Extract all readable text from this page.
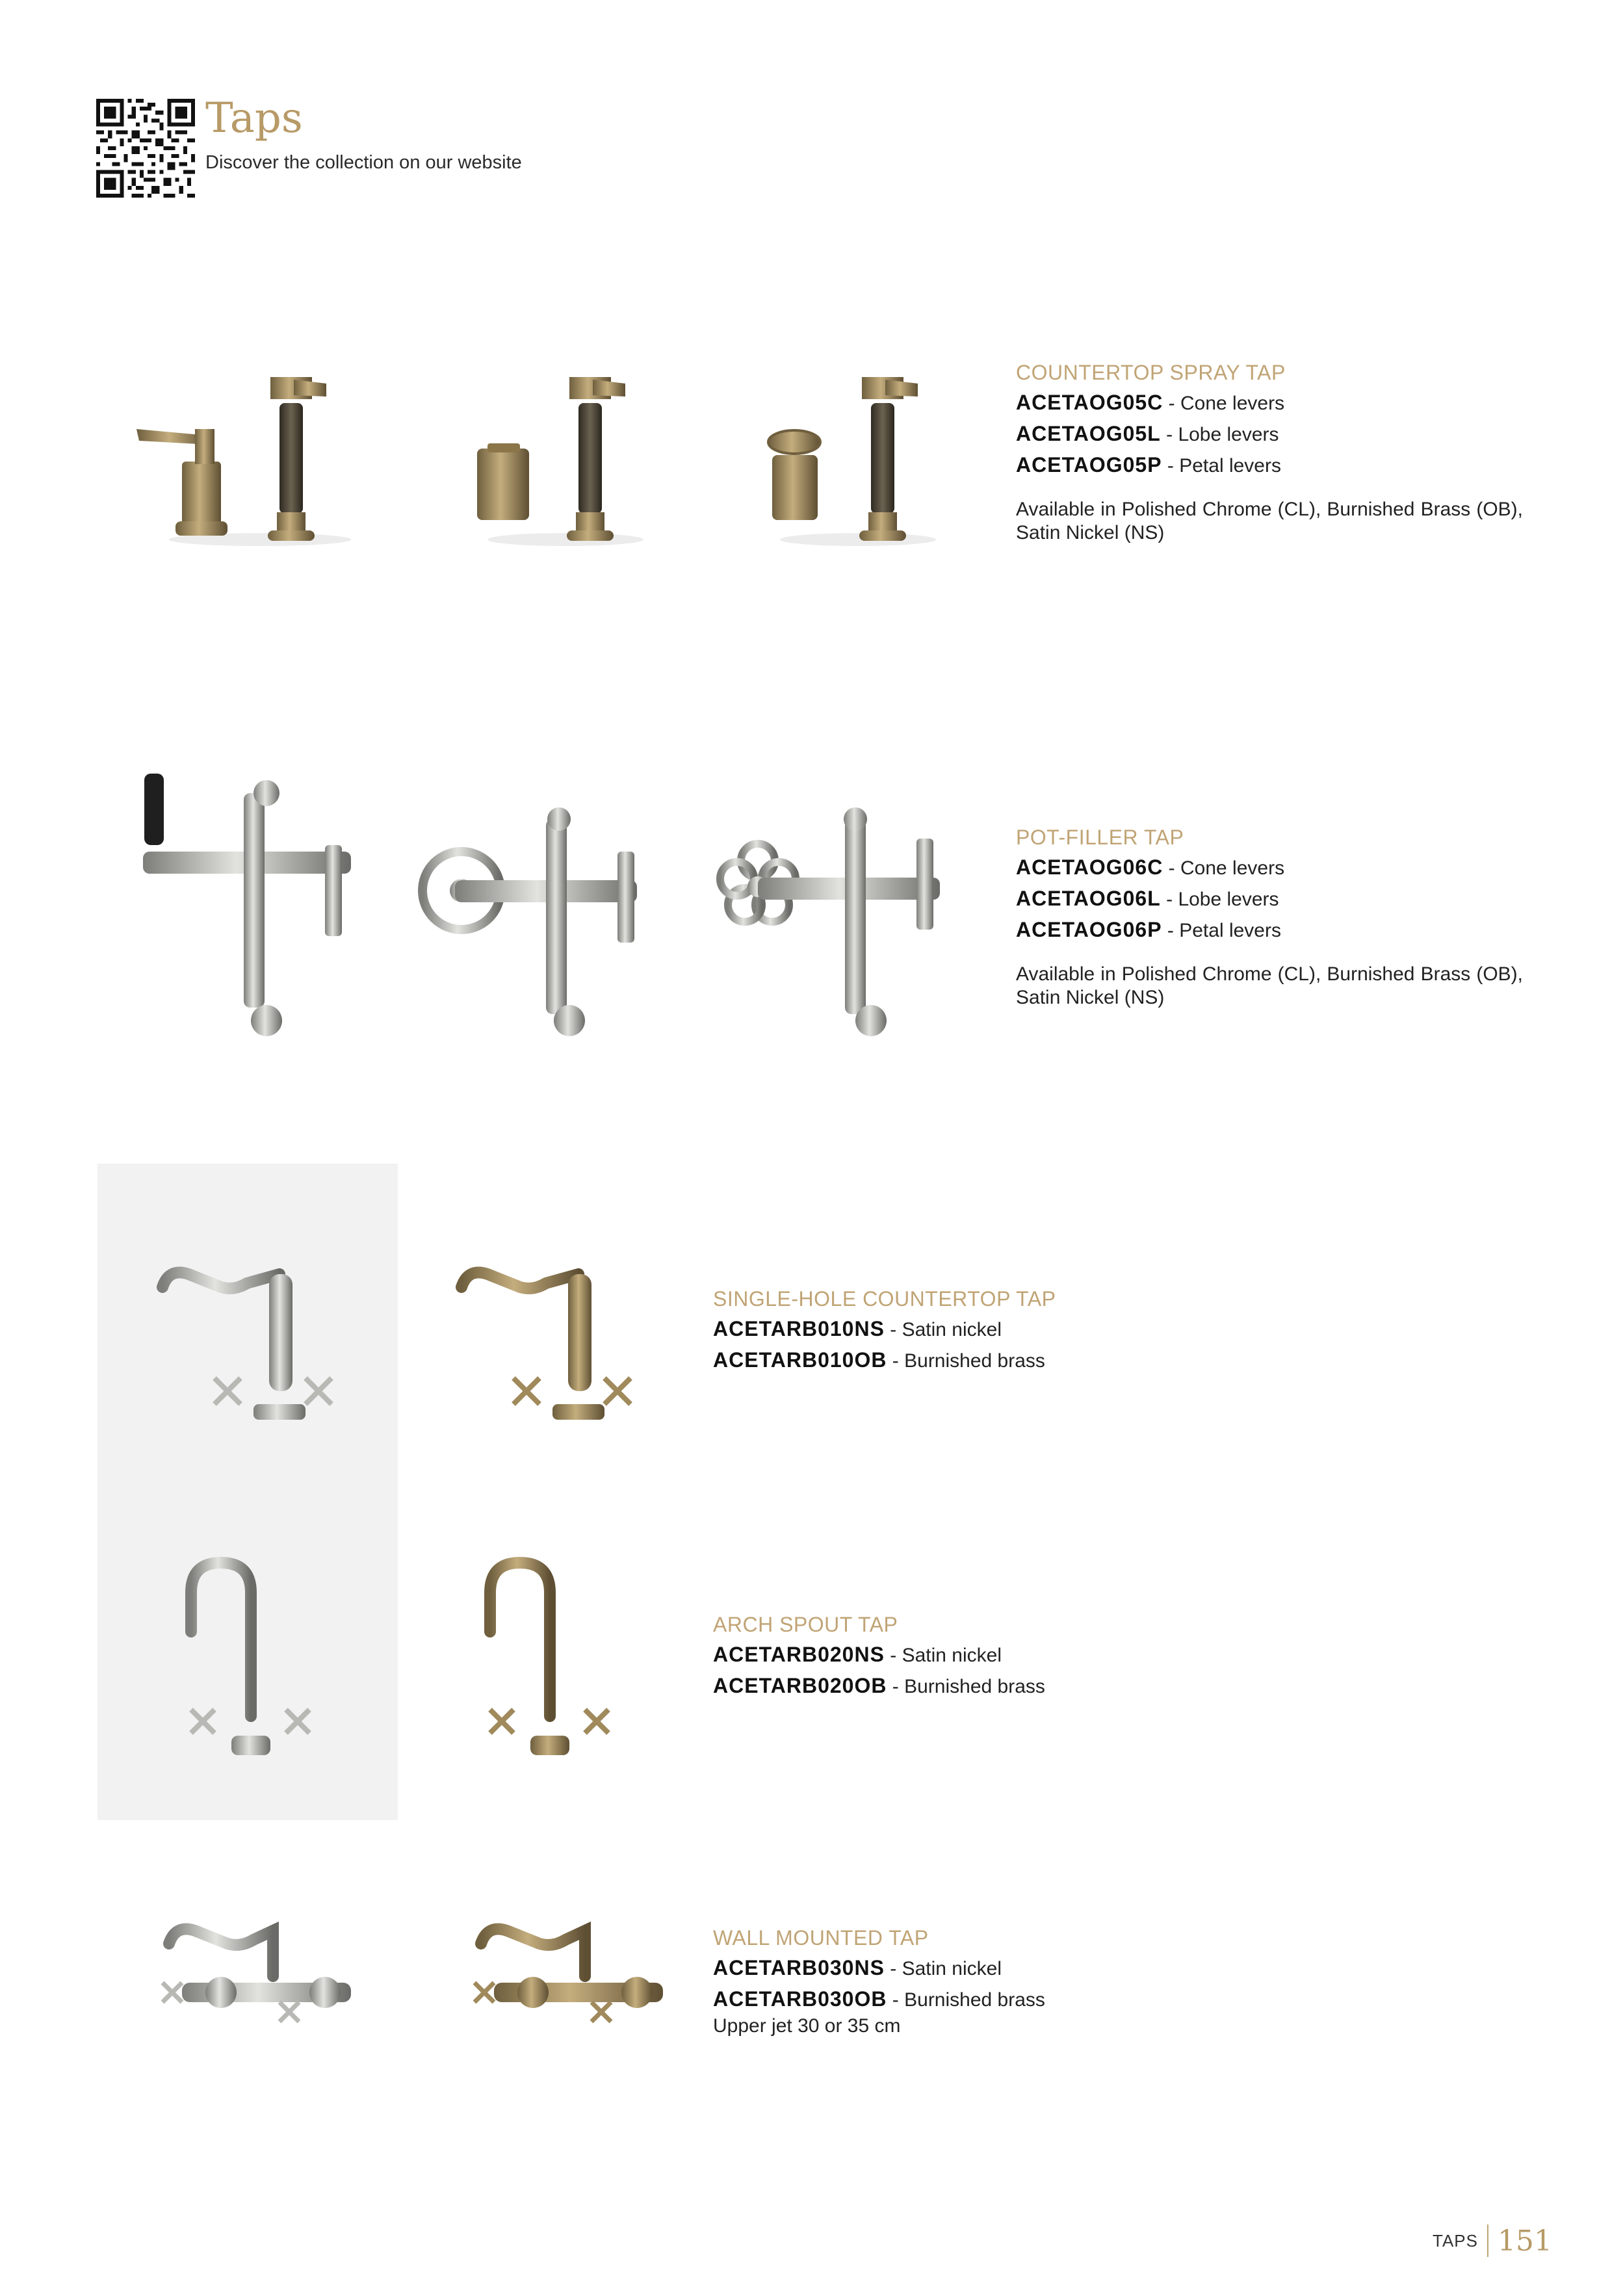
Taps
Discover the collection on our website
COUNTERTOP SPRAY TAP
ACETAOG05C - Cone levers
ACETAOG05L - Lobe levers
ACETAOG05P - Petal levers
Available in Polished Chrome (CL), Burnished Brass (OB), Satin Nickel (NS)
POT-FILLER TAP
ACETAOG06C - Cone levers
ACETAOG06L - Lobe levers
ACETAOG06P - Petal levers
Available in Polished Chrome (CL), Burnished Brass (OB), Satin Nickel (NS)
SINGLE-HOLE COUNTERTOP TAP
ACETARB010NS - Satin nickel
ACETARB010OB - Burnished brass
ARCH SPOUT TAP
ACETARB020NS - Satin nickel
ACETARB020OB - Burnished brass
WALL MOUNTED TAP
ACETARB030NS - Satin nickel
ACETARB030OB - Burnished brass
Upper jet 30 or 35 cm
TAPS 151
